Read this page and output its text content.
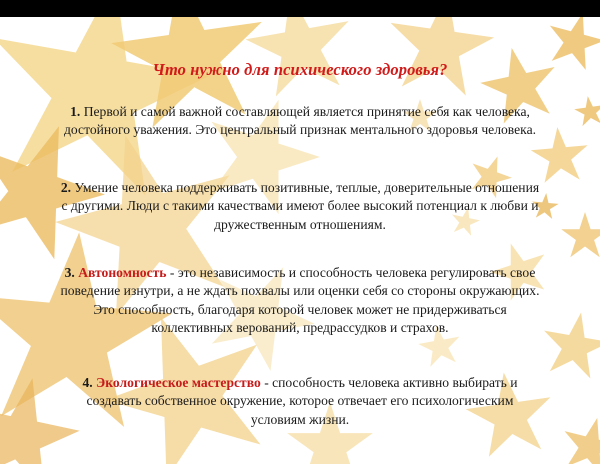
Что нужно для психического здоровья?
1. Первой и самой важной составляющей является принятие себя как человека, достойного уважения. Это центральный признак ментального здоровья человека.
2. Умение человека поддерживать позитивные, теплые, доверительные отношения с другими. Люди с такими качествами имеют более высокий потенциал к любви и дружественным отношениям.
3. Автономность - это независимость и способность человека регулировать свое поведение изнутри, а не ждать похвалы или оценки себя со стороны окружающих. Это способность, благодаря которой человек может не придерживаться коллективных верований, предрассудков и страхов.
4. Экологическое мастерство - способность человека активно выбирать и создавать собственное окружение, которое отвечает его психологическим условиям жизни.
